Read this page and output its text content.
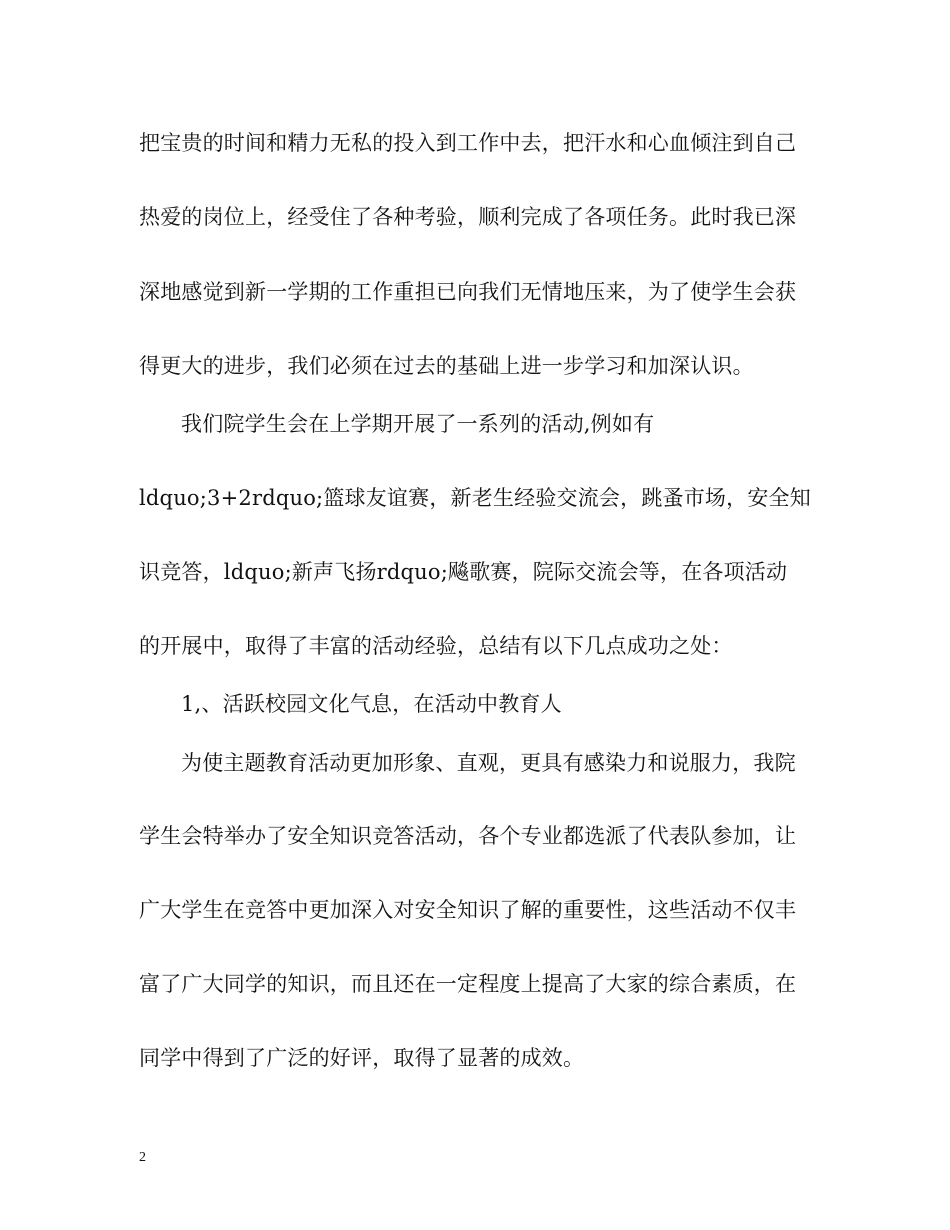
把宝贵的时间和精力无私的投入到工作中去，把汗水和心血倾注到自己
热爱的岗位上，经受住了各种考验，顺利完成了各项任务。此时我已深
深地感觉到新一学期的工作重担已向我们无情地压来，为了使学生会获
得更大的进步，我们必须在过去的基础上进一步学习和加深认识。
我们院学生会在上学期开展了一系列的活动,例如有
ldquo;3+2rdquo;篮球友谊赛，新老生经验交流会，跳蚤市场，安全知
识竞答，ldquo;新声飞扬rdquo;飚歌赛，院际交流会等，在各项活动
的开展中，取得了丰富的活动经验，总结有以下几点成功之处：
1,、活跃校园文化气息，在活动中教育人
为使主题教育活动更加形象、直观，更具有感染力和说服力，我院
学生会特举办了安全知识竞答活动，各个专业都选派了代表队参加，让
广大学生在竞答中更加深入对安全知识了解的重要性，这些活动不仅丰
富了广大同学的知识，而且还在一定程度上提高了大家的综合素质，在
同学中得到了广泛的好评，取得了显著的成效。
2
